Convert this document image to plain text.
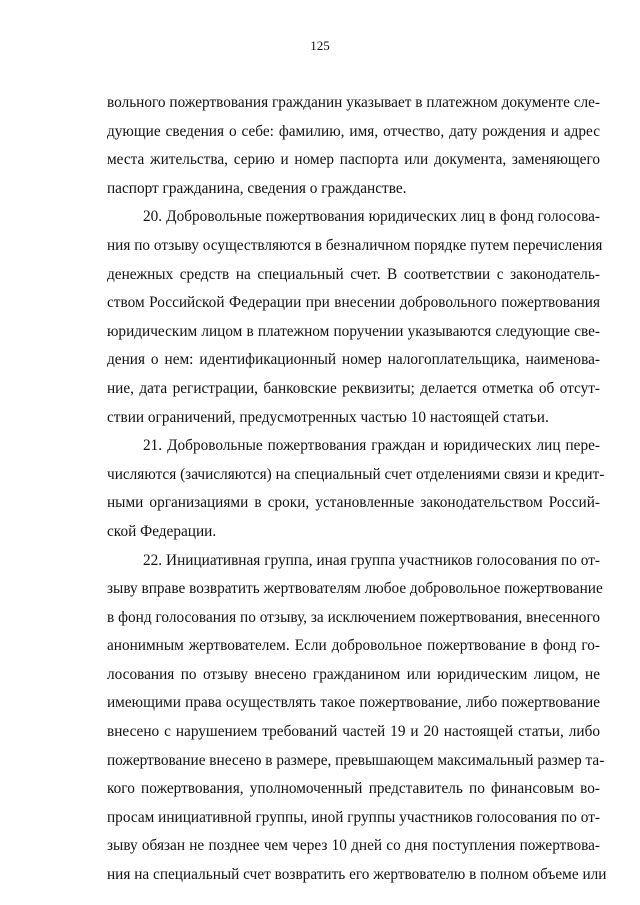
125
вольного пожертвования гражданин указывает в платежном документе сле-
дующие сведения о себе: фамилию, имя, отчество, дату рождения и адрес
места жительства, серию и номер паспорта или документа, заменяющего
паспорт гражданина, сведения о гражданстве.
20. Добровольные пожертвования юридических лиц в фонд голосова-
ния по отзыву осуществляются в безналичном порядке путем перечисления
денежных средств на специальный счет. В соответствии с законодатель-
ством Российской Федерации при внесении добровольного пожертвования
юридическим лицом в платежном поручении указываются следующие све-
дения о нем: идентификационный номер налогоплательщика, наименова-
ние, дата регистрации, банковские реквизиты; делается отметка об отсут-
ствии ограничений, предусмотренных частью 10 настоящей статьи.
21. Добровольные пожертвования граждан и юридических лиц пере-
числяются (зачисляются) на специальный счет отделениями связи и кредит-
ными организациями в сроки, установленные законодательством Россий-
ской Федерации.
22. Инициативная группа, иная группа участников голосования по от-
зыву вправе возвратить жертвователям любое добровольное пожертвование
в фонд голосования по отзыву, за исключением пожертвования, внесенного
анонимным жертвователем. Если добровольное пожертвование в фонд го-
лосования по отзыву внесено гражданином или юридическим лицом, не
имеющими права осуществлять такое пожертвование, либо пожертвование
внесено с нарушением требований частей 19 и 20 настоящей статьи, либо
пожертвование внесено в размере, превышающем максимальный размер та-
кого пожертвования, уполномоченный представитель по финансовым во-
просам инициативной группы, иной группы участников голосования по от-
зыву обязан не позднее чем через 10 дней со дня поступления пожертвова-
ния на специальный счет возвратить его жертвователю в полном объеме или
